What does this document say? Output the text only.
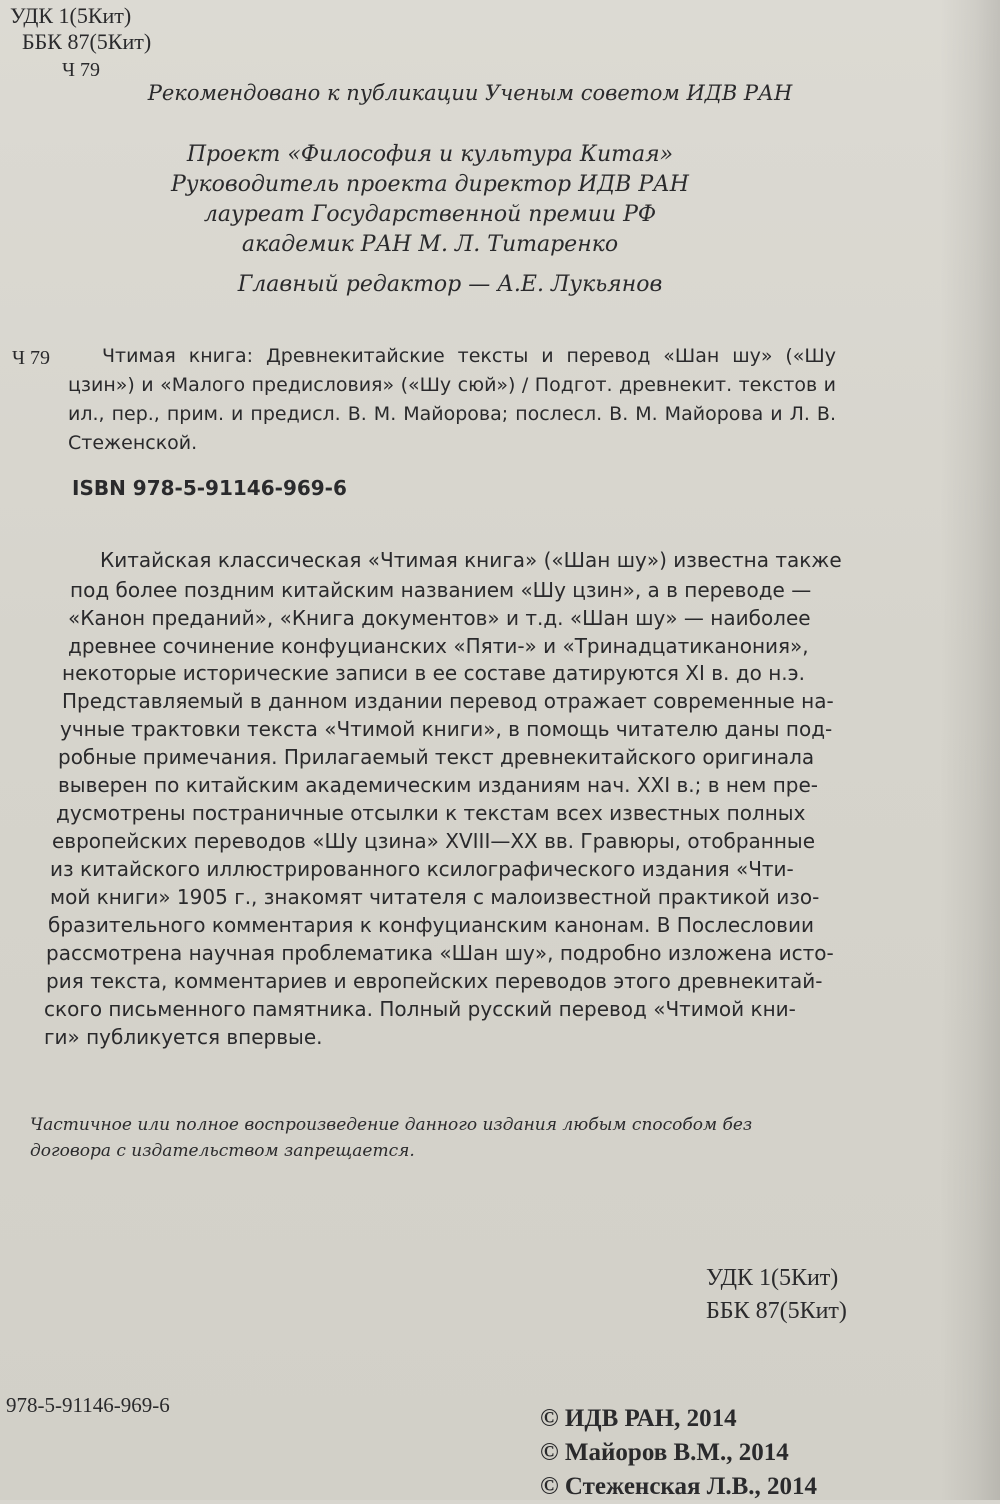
УДК 1(5Кит)
ББК 87(5Кит)
Ч 79
Рекомендовано к публикации Ученым советом ИДВ РАН
Проект «Философия и культура Китая»
Руководитель проекта директор ИДВ РАН
лауреат Государственной премии РФ
академик РАН М. Л. Титаренко
Главный редактор — А.Е. Лукьянов
Ч 79	Чтимая книга: Древнекитайские тексты и перевод «Шан шу» («Шу цзин») и «Малого предисловия» («Шу сюй») / Подгот. древнекит. текстов и ил., пер., прим. и предисл. В. М. Майорова; послесл. В. М. Майорова и Л. В. Стеженской.
ISBN 978-5-91146-969-6
Китайская классическая «Чтимая книга» («Шан шу») известна также
под более поздним китайским названием «Шу цзин», а в переводе —
«Канон преданий», «Книга документов» и т.д. «Шан шу» — наиболее
древнее сочинение конфуцианских «Пяти-» и «Тринадцатиканония»,
некоторые исторические записи в ее составе датируются XI в. до н.э.
Представляемый в данном издании перевод отражает современные на-
учные трактовки текста «Чтимой книги», в помощь читателю даны под-
робные примечания. Прилагаемый текст древнекитайского оригинала
выверен по китайским академическим изданиям нач. XXI в.; в нем пре-
дусмотрены постраничные отсылки к текстам всех известных полных
европейских переводов «Шу цзина» XVIII—XX вв. Гравюры, отобранные
из китайского иллюстрированного ксилографического издания «Чти-
мой книги» 1905 г., знакомят читателя с малоизвестной практикой изо-
бразительного комментария к конфуцианским канонам. В Послесловии
рассмотрена научная проблематика «Шан шу», подробно изложена исто-
рия текста, комментариев и европейских переводов этого древнекитай-
ского письменного памятника. Полный русский перевод «Чтимой кни-
ги» публикуется впервые.
Частичное или полное воспроизведение данного издания любым способом без договора с издательством запрещается.
УДК 1(5Кит)
ББК 87(5Кит)
978-5-91146-969-6	© ИДВ РАН, 2014
© Майоров В.М., 2014
© Стеженская Л.В., 2014
